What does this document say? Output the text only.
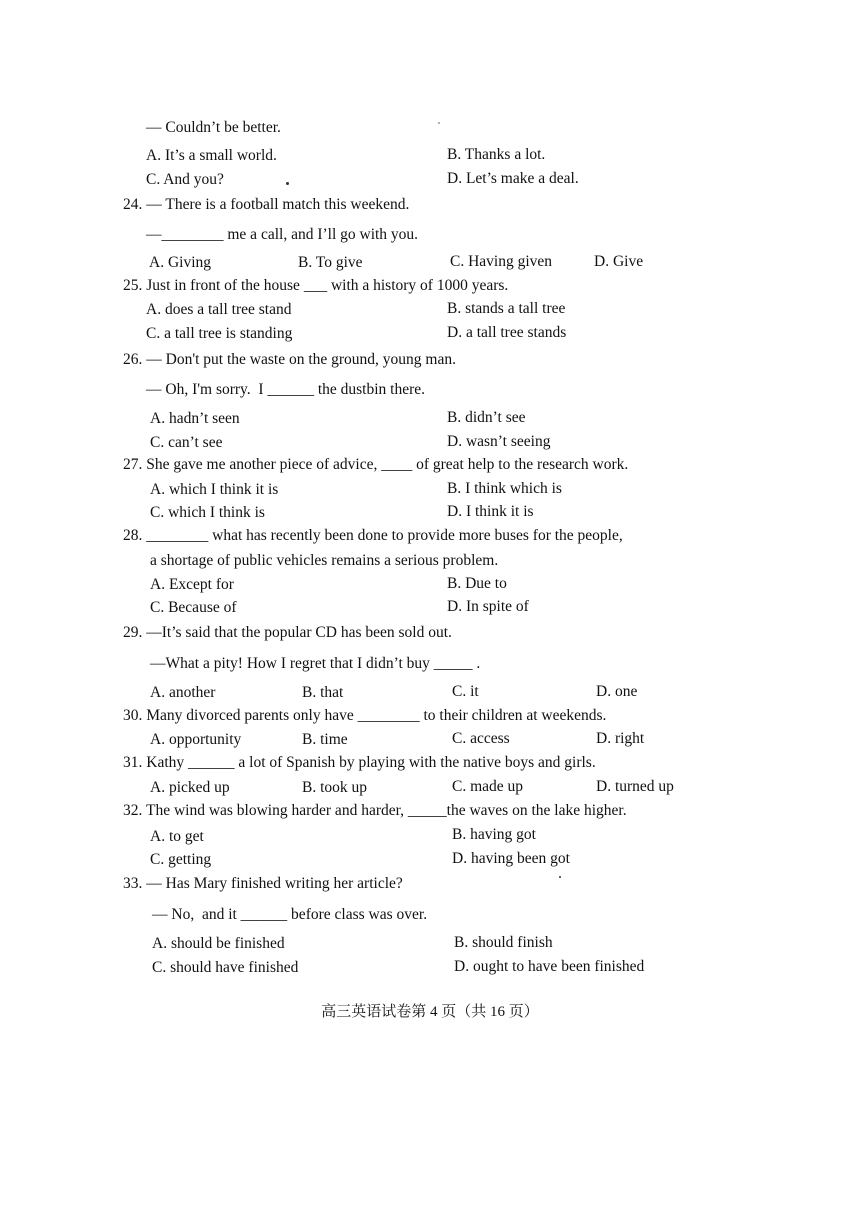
— Couldn’t be better.
A. It’s a small world.	B. Thanks a lot.
C. And you?	D. Let’s make a deal.
24. — There is a football match this weekend.
—________ me a call, and I’ll go with you.
A. Giving	B. To give	C. Having given	D. Give
25. Just in front of the house ___ with a history of 1000 years.
A. does a tall tree stand	B. stands a tall tree
C. a tall tree is standing	D. a tall tree stands
26. — Don't put the waste on the ground, young man.
— Oh, I'm sorry.  I ______ the dustbin there.
A. hadn’t seen	B. didn’t see
C. can’t see	D. wasn’t seeing
27. She gave me another piece of advice, ____ of great help to the research work.
A. which I think it is	B. I think which is
C. which I think is	D. I think it is
28. ________ what has recently been done to provide more buses for the people,
a shortage of public vehicles remains a serious problem.
A. Except for	B. Due to
C. Because of	D. In spite of
29. —It’s said that the popular CD has been sold out.
—What a pity! How I regret that I didn’t buy _____ .
A. another	B. that	C. it	D. one
30. Many divorced parents only have ________ to their children at weekends.
A. opportunity	B. time	C. access	D. right
31. Kathy ______ a lot of Spanish by playing with the native boys and girls.
A. picked up	B. took up	C. made up	D. turned up
32. The wind was blowing harder and harder, _____the waves on the lake higher.
A. to get	B. having got
C. getting	D. having been got
33. — Has Mary finished writing her article?
— No,  and it ______ before class was over.
A. should be finished	B. should finish
C. should have finished	D. ought to have been finished
高三英语试卷第 4 页（共 16 页）
